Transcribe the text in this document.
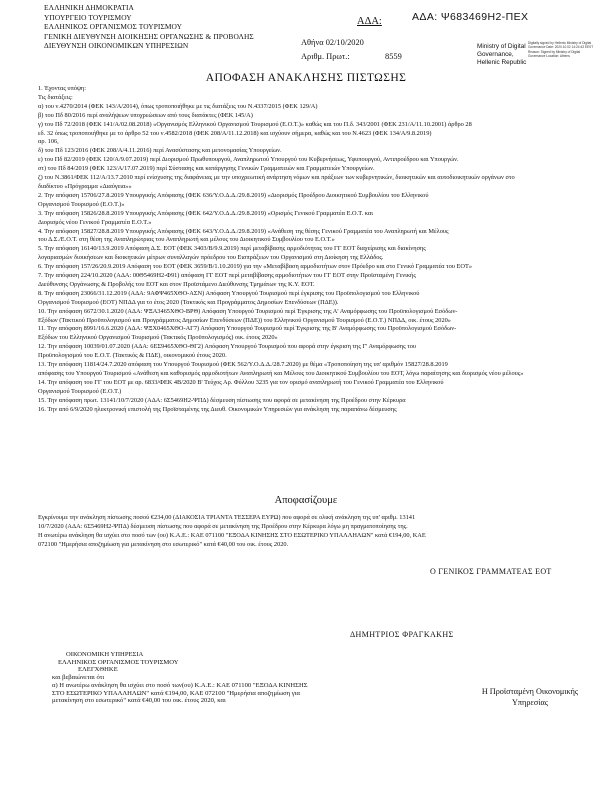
ΕΛΛΗΝΙΚΗ ΔΗΜΟΚΡΑΤΙΑ
ΥΠΟΥΡΓΕΙΟ ΤΟΥΡΙΣΜΟΥ
ΕΛΛΗΝΙΚΟΣ ΟΡΓΑΝΙΣΜΟΣ ΤΟΥΡΙΣΜΟΥ
ΓΕΝΙΚΗ ΔΙΕΥΘΥΝΣΗ ΔΙΟΙΚΗΣΗΣ ΟΡΓΑΝΩΣΗΣ & ΠΡΟΒΟΛΗΣ
ΔΙΕΥΘΥΝΣΗ ΟΙΚΟΝΟΜΙΚΩΝ ΥΠΗΡΕΣΙΩΝ
ΑΔΑ:	ΑΔΑ: Ψ683469Η2-ΠΕΧ
Αθήνα 02/10/2020
Αριθμ. Πρωτ.:	8559
Ministry of Digital
Governance,
Hellenic Republic
Digitally signed by Hellenic Ministry of Digital Governance Date: 2020.10.02 14:24:43 EEST Reason: Signed by Ministry of Digital Governance Location: Athens
ΑΠΟΦΑΣΗ ΑΝΑΚΛΗΣΗΣ ΠΙΣΤΩΣΗΣ
1. Έχοντας υπόψη:
Τις διατάξεις:
α) του ν.4270/2014 (ΦΕΚ 143/Α/2014), όπως τροποποιήθηκε με τις διατάξεις του Ν.4337/2015 (ΦΕΚ 129/Α)
β) του Πδ 80/2016 περί αναλήψεων υποχρεώσεων από τους διατάκτες (ΦΕΚ 145/Α)
γ) του Πδ 72/2018 (ΦΕΚ 141/Α/02.08.2018) «Οργανισμός Ελληνικού Οργανισμού Τουρισμού (Ε.Ο.Τ.)» καθώς και του Π.δ. 343/2001 (ΦΕΚ 231/Α/11.10.2001) άρθρο 28
εδ. 32 όπως τροποποιήθηκε με το άρθρο 52 του ν.4582/2018 (ΦΕΚ 208/Α/11.12.2018) και ισχύουν σήμερα, καθώς και του Ν.4623 (ΦΕΚ 134/Α/9.8.2019)
αρ. 106,
δ) του Πδ 123/2016 (ΦΕΚ 208/Α/4.11.2016) περί Ανασύστασης και μετονομασίας Υπουργείων.
ε) του Πδ 82/2019 (ΦΕΚ 120/Α/9.07.2019) περί Διορισμού Πρωθυπουργού, Αναπληρωτού Υπουργού του Κυβερνήσεως, Υφυπουργού, Αντιπροέδρου και Υπουργών.
στ) του Πδ 84/2019 (ΦΕΚ 123/Α/17.07.2019) περί Σύστασης και κατάργησης Γενικών Γραμματειών και Γραμματειών Υπουργείων.
ζ) του Ν.3861/ΦΕΚ 112/Α/13.7.2010 περί ενίσχυσης της διαφάνειας με την υποχρεωτική ανάρτηση νόμων και πράξεων των κυβερνητικών, διοικητικών και αυτοδιοικητικών οργάνων στο
διαδίκτυο «Πρόγραμμα «Διαύγεια»»
2. Την απόφαση 15706/27.8.2019 Υπουργικής Απόφασης (ΦΕΚ 636/Υ.Ο.Δ.Δ./29.8.2019) «Διορισμός Προέδρου Διοικητικού Συμβουλίου του Ελληνικού
Οργανισμού Τουρισμού (Ε.Ο.Τ.)»
3. Την απόφαση 15826/28.8.2019 Υπουργικής Απόφασης (ΦΕΚ 642/Υ.Ο.Δ.Δ./29.8.2019) «Ορισμός Γενικού Γραμματέα Ε.Ο.Τ. και
Διορισμός νέου Γενικού Γραμματέα Ε.Ο.Τ.»
4. Την απόφαση 15827/28.8.2019 Υπουργικής Απόφασης (ΦΕΚ 643/Υ.Ο.Δ.Δ./29.8.2019) «Ανάθεση της θέσης Γενικού Γραμματέα του Αναπληρωτή και Μέλους
του Δ.Σ./Ε.Ο.Τ. στη θέση της Αναπληρώτριας του Αναπληρωτή και μέλους του Διοικητικού Συμβουλίου του Ε.Ο.Τ.»
5. Την απόφαση 16140/13.9.2019 Απόφαση Δ.Σ. ΕΟΤ (ΦΕΚ 3403/Β/9.9.2019) περί μεταβίβασης αρμοδιότητας του ΓΓ ΕΟΤ διαχείρισης και διακίνησης
λογαριασμών διοικήσεων και διοικητικών μέτρων συναλλαγών πρόεδρου του Εισπράξεων του Οργανισμού στη Διοίκηση της Ελλάδος.
6. Την απόφαση 157/26/20.9.2019 Απόφαση του ΕΟΤ (ΦΕΚ 3659/Β/1.10.2019) για την «Μεταβίβαση αρμοδιοτήτων στον Πρόεδρο και στο Γενικό Γραμματέα του ΕΟΤ»
7. Την απόφαση 224/10.2020 (ΑΔΑ: 00Θ5469Η2-Φ91) απόφαση ΓΓ ΕΟΤ περί μεταβίβασης αρμοδιοτήτων του ΓΓ ΕΟΤ στην Προϊσταμένη Γενικής
Διεύθυνσης Οργάνωσης & Προβολής του ΕΟΤ και στον Προϊστάμενο Διεύθυνσης Τμημάτων της Κ.Υ. ΕΟΤ.
8. Την απόφαση 23066/31.12.2019 (ΑΔΑ: 9ΑΦΨ465ΧΘΟ-ΑΣΝ) Απόφαση Υπουργού Τουρισμού περί έγκρισης του Προϋπολογισμού του Ελληνικού
Οργανισμού Τουρισμού (ΕΟΤ) ΝΠΔΔ για το έτος 2020 (Τακτικός και Προγράμματος Δημοσίων Επενδύσεων (ΠΔΕ)).
10. Την απόφαση 6672/30.1.2020 (ΑΔΑ: ΨΞΑ3465ΧΘΟ-ΒΡΘ) Απόφαση Υπουργού Τουρισμού περί Έγκρισης της Α' Αναμόρφωσης του Προϋπολογισμού Εσόδων-
Εξόδων (Τακτικού Προϋπολογισμού και Προγράμματος Δημοσίων Επενδύσεων (ΠΔΕ)) του Ελληνικού Οργανισμού Τουρισμού (Ε.Ο.Τ.) ΝΠΔΔ, οικ. έτους 2020»
11. Την απόφαση 8991/16.6.2020 (ΑΔΑ: ΨΞΧ0465ΧΘΟ-ΑΓ7) Απόφαση Υπουργού Τουρισμού περί Έγκρισης της Β' Αναμόρφωσης του Προϋπολογισμού Εσόδων-
Εξόδων του Ελληνικού Οργανισμού Τουρισμού (Τακτικός Προϋπολογισμός) οικ. έτους 2020»
12. Την απόφαση 10039/01.07.2020 (ΑΔΑ: 6ΕΣ9465ΧΘΟ-ΘΓ2) Απόφαση Υπουργού Τουρισμού που αφορά στην έγκριση της Γ' Αναμόρφωσης του
Προϋπολογισμού του Ε.Ο.Τ. (Τακτικός & ΠΔΕ), οικονομικού έτους 2020.
13. Την απόφαση 11814/24.7.2020 απόφαση του Υπουργού Τουρισμού (ΦΕΚ 562/Υ.Ο.Δ.Δ./28.7.2020) με θέμα «Τροποποίηση της υπ' αριθμόν 15827/28.8.2019
απόφασης του Υπουργού Τουρισμού «Ανάθεση και καθορισμός αρμοδιοτήτων Αναπληρωτή και Μέλους του Διοικητικού Συμβουλίου του ΕΟΤ, λόγω παραίτησης και διορισμός νέου μέλους»
14. Την απόφαση του ΓΓ του ΕΟΤ με αρ. 6833/ΦΕΚ 4Β/2020 Β' Τεύχος Αρ. Φύλλου 3235 για τον ορισμό αναπληρωτή του Γενικού Γραμματέα του Ελληνικού
Οργανισμού Τουρισμού (Ε.Ο.Τ.)
15. Την απόφαση πρωτ. 13141/10/7/2020 (ΑΔΑ: 6Σ5469Η2-ΨΠΔ) δέσμευση πίστωσης που αφορά σε μετακίνηση της Προέδρου στην Κέρκυρα
16. Την από 6/9/2020 ηλεκτρονική επιστολή της Προϊσταμένης της Διευθ. Οικονομικών Υπηρεσιών για ανάκληση της παραπάνω δέσμευσης
Αποφασίζουμε
Εγκρίνουμε την ανάκληση πίστωσης ποσού €234,00 (ΔΙΑΚΟΣΙΑ ΤΡΙΑΝΤΑ ΤΕΣΣΕΡΑ ΕΥΡΩ) που αφορά σε ολική ανάκληση της υπ' αριθμ. 13141
10/7/2020 (ΑΔΑ: 6Σ5469Η2-ΨΠΔ) δέσμευση πίστωσης που αφορά σε μετακίνηση της Προέδρου στην Κέρκυρα λόγω μη πραγματοποίησης της.
Η ανωτέρω ανάκληση θα ισχύει στο ποσό των (ου) Κ.Α.Ε.: ΚΑΕ 071100 "ΕΞΟΔΑ ΚΙΝΗΣΗΣ ΣΤΟ ΕΣΩΤΕΡΙΚΟ ΥΠΑΛΛΗΛΩΝ" κατά €194,00, ΚΑΕ
072100 "Ημερήσια αποζημίωση για μετακίνηση στο εσωτερικό" κατά €40,00 του οικ. έτους 2020.
Ο ΓΕΝΙΚΟΣ ΓΡΑΜΜΑΤΕΑΣ ΕΟΤ
ΔΗΜΗΤΡΙΟΣ ΦΡΑΓΚΑΚΗΣ
ΟΙΚΟΝΟΜΙΚΗ ΥΠΗΡΕΣΙΑ
ΕΛΛΗΝΙΚΟΣ ΟΡΓΑΝΙΣΜΟΣ ΤΟΥΡΙΣΜΟΥ
ΕΛΕΓΧΘΗΚΕ
και βεβαιώνεται ότι
α) Η ανωτέρω ανάκληση θα ισχύει στο ποσό των(ου) Κ.Α.Ε.: ΚΑΕ 071100 "ΕΞΟΔΑ ΚΙΝΗΣΗΣ
ΣΤΟ ΕΣΩΤΕΡΙΚΟ ΥΠΑΛΛΗΛΩΝ" κατά €194,00, ΚΑΕ 072100 "Ημερήσια αποζημίωση για
μετακίνηση στο εσωτερικό" κατά €40,00 του οικ. έτους 2020, και
Η Προϊσταμένη Οικονομικής
Υπηρεσίας
